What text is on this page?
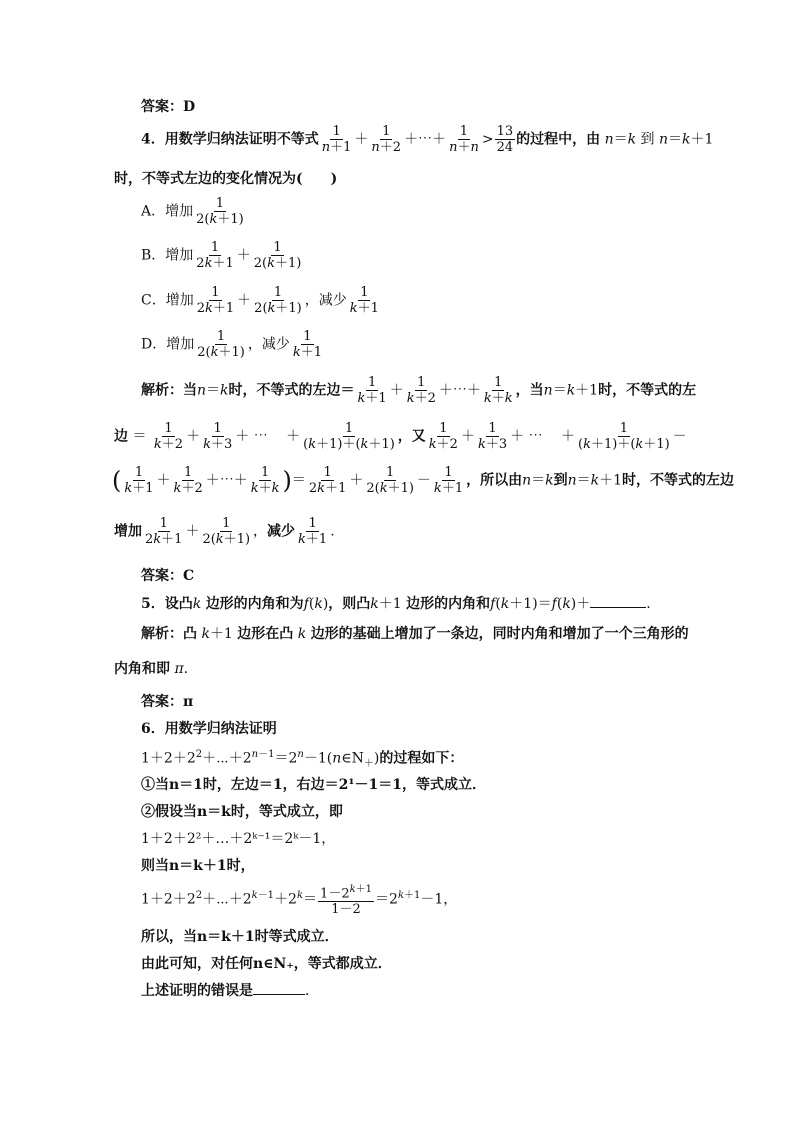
答案：D
4．用数学归纳法证明不等式 $\frac{1}{n+1} + \frac{1}{n+2}$ ＋⋯＋ $\frac{1}{n+n} > \frac{13}{24}$ 的过程中，由 n＝k 到 n＝k＋1
时，不等式左边的变化情况为(　　)
A．增加 $\frac{1}{2(k+1)}$
B．增加 $\frac{1}{2k+1} + \frac{1}{2(k+1)}$
C．增加 $\frac{1}{2k+1} + \frac{1}{2(k+1)}$ ，减少 $\frac{1}{k+1}$
D．增加 $\frac{1}{2(k+1)}$ ，减少 $\frac{1}{k+1}$
解析：当n＝k时，不等式的左边＝ $\frac{1}{k+1} + \frac{1}{k+2}$ ＋⋯＋ $\frac{1}{k+k}$ ，当n＝k＋1时，不等式的左
边 ＝ $\frac{1}{k+2} + \frac{1}{k+3}$ ＋ ⋯　 ＋ $\frac{1}{(k+1)+(k+1)}$ ，又 $\frac{1}{k+2} + \frac{1}{k+3}$ ＋ ⋯　 ＋ $\frac{1}{(k+1)+(k+1)}$ －
( $\frac{1}{k+1} + \frac{1}{k+2}$ ＋⋯＋ $\frac{1}{k+k}$ )＝ $\frac{1}{2k+1} + \frac{1}{2(k+1)} - \frac{1}{k+1}$ ，所以由n＝k到n＝k＋1时，不等式的左边
增加 $\frac{1}{2k+1} + \frac{1}{2(k+1)}$ ，减少 $\frac{1}{k+1}$ .
答案：C
5．设凸k 边形的内角和为f(k)，则凸k＋1 边形的内角和f(k＋1)＝f(k)＋	.
解析：凸 k＋1 边形在凸 k 边形的基础上增加了一条边，同时内角和增加了一个三角形的
内角和即 π.
答案：π
6．用数学归纳法证明
$1+2+2^2+\cdots+2^{n-1}=2^n-1(n\in N_+)$的过程如下：
①当n＝1时，左边＝1，右边＝2¹－1＝1，等式成立．
②假设当n＝k时，等式成立，即
1＋2＋2²＋…＋2ᵏ⁻¹＝2ᵏ－1，
则当n＝k＋1时，
$1+2+2^2+\cdots+2^{k-1}+2^k= \frac{1-2^{k+1}}{1-2} =2^{k+1}-1$，
所以，当n＝k＋1时等式成立．
由此可知，对任何n∈N₊，等式都成立．
上述证明的错误是	．
